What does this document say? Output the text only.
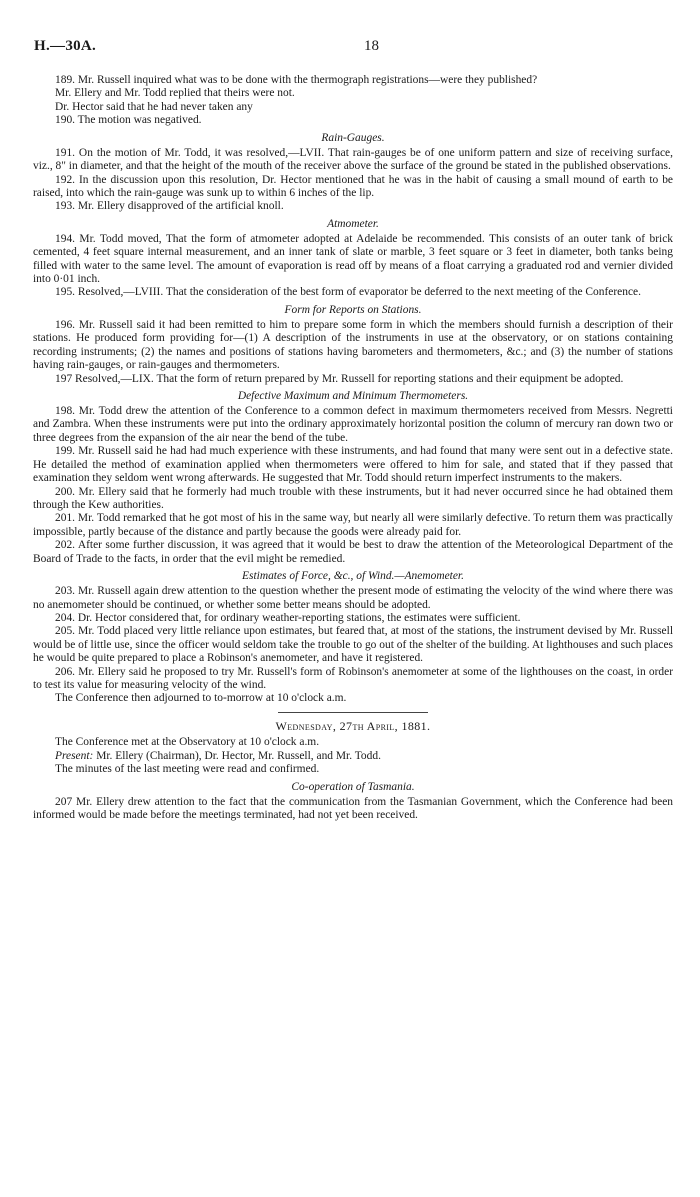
H.—30A.	18

189. Mr. Russell inquired what was to be done with the thermograph registrations—were they published?

Mr. Ellery and Mr. Todd replied that theirs were not.

Dr. Hector said that he had never taken any

190. The motion was negatived.

Rain-Gauges.

191. On the motion of Mr. Todd, it was resolved,—LVII. That rain-gauges be of one uniform pattern and size of receiving surface, viz., 8" in diameter, and that the height of the mouth of the receiver above the surface of the ground be stated in the published observations.

192. In the discussion upon this resolution, Dr. Hector mentioned that he was in the habit of causing a small mound of earth to be raised, into which the rain-gauge was sunk up to within 6 inches of the lip.

193. Mr. Ellery disapproved of the artificial knoll.

Atmometer.

194. Mr. Todd moved, That the form of atmometer adopted at Adelaide be recommended. This consists of an outer tank of brick cemented, 4 feet square internal measurement, and an inner tank of slate or marble, 3 feet square or 3 feet in diameter, both tanks being filled with water to the same level. The amount of evaporation is read off by means of a float carrying a graduated rod and vernier divided into 0·01 inch.

195. Resolved,—LVIII. That the consideration of the best form of evaporator be deferred to the next meeting of the Conference.

Form for Reports on Stations.

196. Mr. Russell said it had been remitted to him to prepare some form in which the members should furnish a description of their stations. He produced form providing for—(1) A description of the instruments in use at the observatory, or on stations containing recording instruments; (2) the names and positions of stations having barometers and thermometers, &c.; and (3) the number of stations having rain-gauges, or rain-gauges and thermometers.

197 Resolved,—LIX. That the form of return prepared by Mr. Russell for reporting stations and their equipment be adopted.

Defective Maximum and Minimum Thermometers.

198. Mr. Todd drew the attention of the Conference to a common defect in maximum thermometers received from Messrs. Negretti and Zambra. When these instruments were put into the ordinary approximately horizontal position the column of mercury ran down two or three degrees from the expansion of the air near the bend of the tube.

199. Mr. Russell said he had had much experience with these instruments, and had found that many were sent out in a defective state. He detailed the method of examination applied when thermometers were offered to him for sale, and stated that if they passed that examination they seldom went wrong afterwards. He suggested that Mr. Todd should return imperfect instruments to the makers.

200. Mr. Ellery said that he formerly had much trouble with these instruments, but it had never occurred since he had obtained them through the Kew authorities.

201. Mr. Todd remarked that he got most of his in the same way, but nearly all were similarly defective. To return them was practically impossible, partly because of the distance and partly because the goods were already paid for.

202. After some further discussion, it was agreed that it would be best to draw the attention of the Meteorological Department of the Board of Trade to the facts, in order that the evil might be remedied.

Estimates of Force, &c., of Wind.—Anemometer.

203. Mr. Russell again drew attention to the question whether the present mode of estimating the velocity of the wind where there was no anemometer should be continued, or whether some better means should be adopted.

204. Dr. Hector considered that, for ordinary weather-reporting stations, the estimates were sufficient.

205. Mr. Todd placed very little reliance upon estimates, but feared that, at most of the stations, the instrument devised by Mr. Russell would be of little use, since the officer would seldom take the trouble to go out of the shelter of the building. At lighthouses and such places he would be quite prepared to place a Robinson's anemometer, and have it registered.

206. Mr. Ellery said he proposed to try Mr. Russell's form of Robinson's anemometer at some of the lighthouses on the coast, in order to test its value for measuring velocity of the wind.

The Conference then adjourned to to-morrow at 10 o'clock a.m.

Wednesday, 27th April, 1881.

The Conference met at the Observatory at 10 o'clock a.m.

Present: Mr. Ellery (Chairman), Dr. Hector, Mr. Russell, and Mr. Todd.

The minutes of the last meeting were read and confirmed.

Co-operation of Tasmania.

207 Mr. Ellery drew attention to the fact that the communication from the Tasmanian Government, which the Conference had been informed would be made before the meetings terminated, had not yet been received.
